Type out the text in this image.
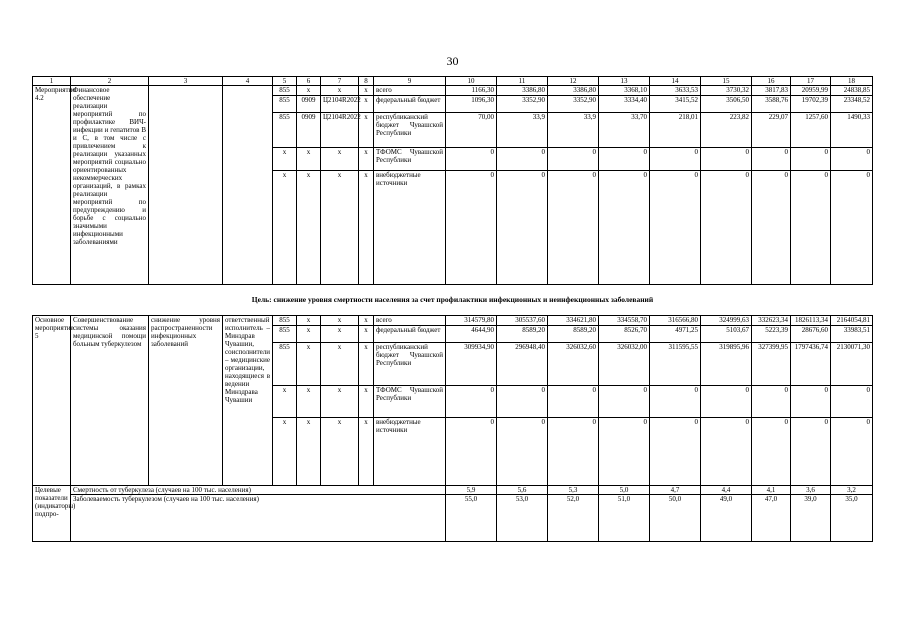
30
1	2	3	4	5	6	7	8	9	10	11	12	13	14	15	16	17	18
Мероприятие 4.2	Финансовое обеспечение реализации мероприятий по профилактике ВИЧ-инфекции и гепатитов В и С, в том числе с привлечением к реализации указанных мероприятий социально ориентированных некоммерческих организаций, в рамках реализации мероприятий по предупреждению и борьбе с социально значимыми инфекционными заболеваниями			855	x	x	x	всего	1166,30	3386,80	3386,80	3368,10	3633,53	3730,32	3817,83	20959,99	24838,85
				855	0909	Ц2104R2022	x	федеральный бюджет	1096,30	3352,90	3352,90	3334,40	3415,52	3506,50	3588,76	19702,39	23348,52
				855	0909	Ц2104R2022	x	республиканский бюджет Чувашской Республики	70,00	33,9	33,9	33,70	218,01	223,82	229,07	1257,60	1490,33
				x	x	x	x	ТФОМС Чувашской Республики	0	0	0	0	0	0	0	0	0
				x	x	x	x	внебюджетные источники	0	0	0	0	0	0	0	0	0
Цель: снижение уровня смертности населения за счет профилактики инфекционных и неинфекционных заболеваний																	
Основное мероприятие 5	Совершенствование системы оказания медицинской помощи больным туберкулезом	снижение уровня распространенности инфекционных заболеваний	ответственный исполнитель – Минздрав Чувашии, соисполнители – медицинские организации, находящиеся в ведении Минздрава Чувашии	855	x	x	x	всего	314579,80	305537,60	334621,80	334558,70	316566,80	324999,63	332623,34	1826113,34	2164054,81
				855	x	x	x	федеральный бюджет	4644,90	8589,20	8589,20	8526,70	4971,25	5103,67	5223,39	28676,60	33983,51
				855	x	x	x	республиканский бюджет Чувашской Республики	309934,90	296948,40	326032,60	326032,00	311595,55	319895,96	327399,95	1797436,74	2130071,30
				x	x	x	x	ТФОМС Чувашской Республики	0	0	0	0	0	0	0	0	0
				x	x	x	x	внебюджетные источники	0	0	0	0	0	0	0	0	0
Целевые показатели (индикаторы) подпро-	Смертность от туберкулеза (случаев на 100 тыс. населения)								5,9	5,6	5,3	5,0	4,7	4,4	4,1	3,6	3,2
	Заболеваемость туберкулезом (случаев на 100 тыс. населения)								55,0	53,0	52,0	51,0	50,0	49,0	47,0	39,0	35,0
